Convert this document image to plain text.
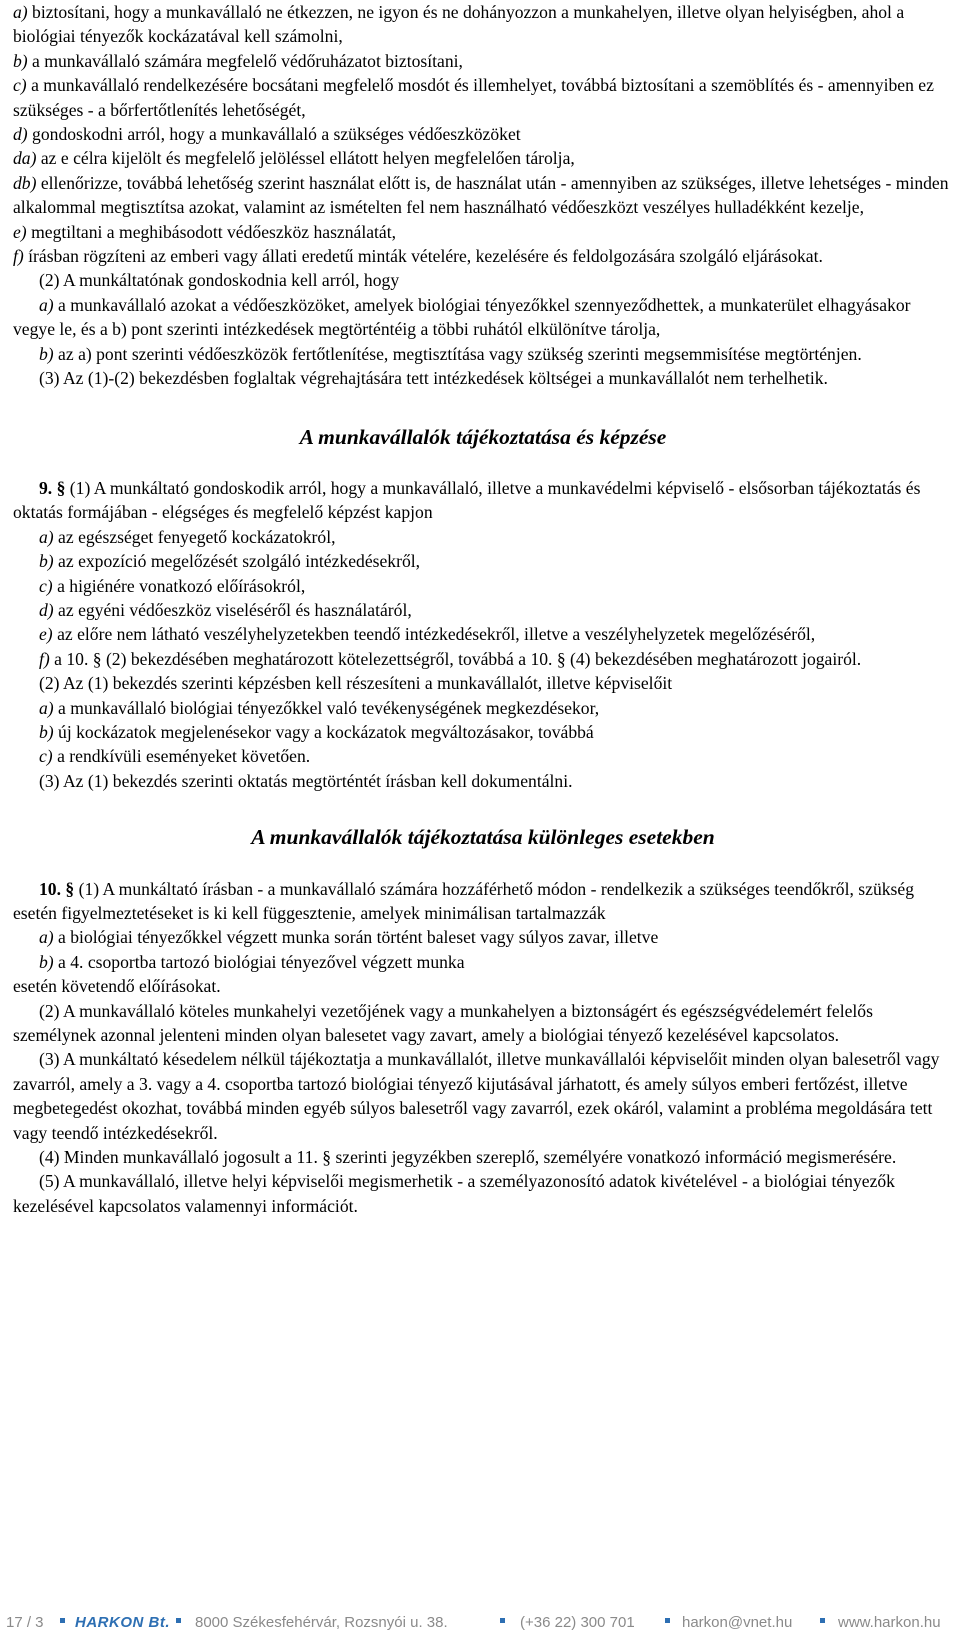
a) biztosítani, hogy a munkavállaló ne étkezzen, ne igyon és ne dohányozzon a munkahelyen, illetve olyan helyiségben, ahol a biológiai tényezők kockázatával kell számolni,

b) a munkavállaló számára megfelelő védőruházatot biztosítani,

c) a munkavállaló rendelkezésére bocsátani megfelelő mosdót és illemhelyet, továbbá biztosítani a szemöblítés és - amennyiben ez szükséges - a bőrfertőtlenítés lehetőségét,

d) gondoskodni arról, hogy a munkavállaló a szükséges védőeszközöket

da) az e célra kijelölt és megfelelő jelöléssel ellátott helyen megfelelően tárolja,

db) ellenőrizze, továbbá lehetőség szerint használat előtt is, de használat után - amennyiben az szükséges, illetve lehetséges - minden alkalommal megtisztítsa azokat, valamint az ismételten fel nem használható védőeszközt veszélyes hulladékként kezelje,

e) megtiltani a meghibásodott védőeszköz használatát,

f) írásban rögzíteni az emberi vagy állati eredetű minták vételére, kezelésére és feldolgozására szolgáló eljárásokat.

(2) A munkáltatónak gondoskodnia kell arról, hogy

a) a munkavállaló azokat a védőeszközöket, amelyek biológiai tényezőkkel szennyeződhettek, a munkaterület elhagyásakor vegye le, és a b) pont szerinti intézkedések megtörténtéig a többi ruhától elkülönítve tárolja,

b) az a) pont szerinti védőeszközök fertőtlenítése, megtisztítása vagy szükség szerinti megsemmisítése megtörténjen.

(3) Az (1)-(2) bekezdésben foglaltak végrehajtására tett intézkedések költségei a munkavállalót nem terhelhetik.

A munkavállalók tájékoztatása és képzése

9. § (1) A munkáltató gondoskodik arról, hogy a munkavállaló, illetve a munkavédelmi képviselő - elsősorban tájékoztatás és oktatás formájában - elégséges és megfelelő képzést kapjon

a) az egészséget fenyegető kockázatokról,

b) az expozíció megelőzését szolgáló intézkedésekről,

c) a higiénére vonatkozó előírásokról,

d) az egyéni védőeszköz viseléséről és használatáról,

e) az előre nem látható veszélyhelyzetekben teendő intézkedésekről, illetve a veszélyhelyzetek megelőzéséről,

f) a 10. § (2) bekezdésében meghatározott kötelezettségről, továbbá a 10. § (4) bekezdésében meghatározott jogairól.

(2) Az (1) bekezdés szerinti képzésben kell részesíteni a munkavállalót, illetve képviselőit

a) a munkavállaló biológiai tényezőkkel való tevékenységének megkezdésekor,

b) új kockázatok megjelenésekor vagy a kockázatok megváltozásakor, továbbá

c) a rendkívüli eseményeket követően.

(3) Az (1) bekezdés szerinti oktatás megtörténtét írásban kell dokumentálni.

A munkavállalók tájékoztatása különleges esetekben

10. § (1) A munkáltató írásban - a munkavállaló számára hozzáférhető módon - rendelkezik a szükséges teendőkről, szükség esetén figyelmeztetéseket is ki kell függesztenie, amelyek minimálisan tartalmazzák

a) a biológiai tényezőkkel végzett munka során történt baleset vagy súlyos zavar, illetve

b) a 4. csoportba tartozó biológiai tényezővel végzett munka

esetén követendő előírásokat.

(2) A munkavállaló köteles munkahelyi vezetőjének vagy a munkahelyen a biztonságért és egészségvédelemért felelős személynek azonnal jelenteni minden olyan balesetet vagy zavart, amely a biológiai tényező kezelésével kapcsolatos.

(3) A munkáltató késedelem nélkül tájékoztatja a munkavállalót, illetve munkavállalói képviselőit minden olyan balesetről vagy zavarról, amely a 3. vagy a 4. csoportba tartozó biológiai tényező kijutásával járhatott, és amely súlyos emberi fertőzést, illetve megbetegedést okozhat, továbbá minden egyéb súlyos balesetről vagy zavarról, ezek okáról, valamint a probléma megoldására tett vagy teendő intézkedésekről.

(4) Minden munkavállaló jogosult a 11. § szerinti jegyzékben szereplő, személyére vonatkozó információ megismerésére.

(5) A munkavállaló, illetve helyi képviselői megismerhetik - a személyazonosító adatok kivételével - a biológiai tényezők kezelésével kapcsolatos valamennyi információt.

17 / 3 HARKON Bt. 8000 Székesfehérvár, Rozsnyói u. 38.	(+36 22) 300 701	harkon@vnet.hu	www.harkon.hu
